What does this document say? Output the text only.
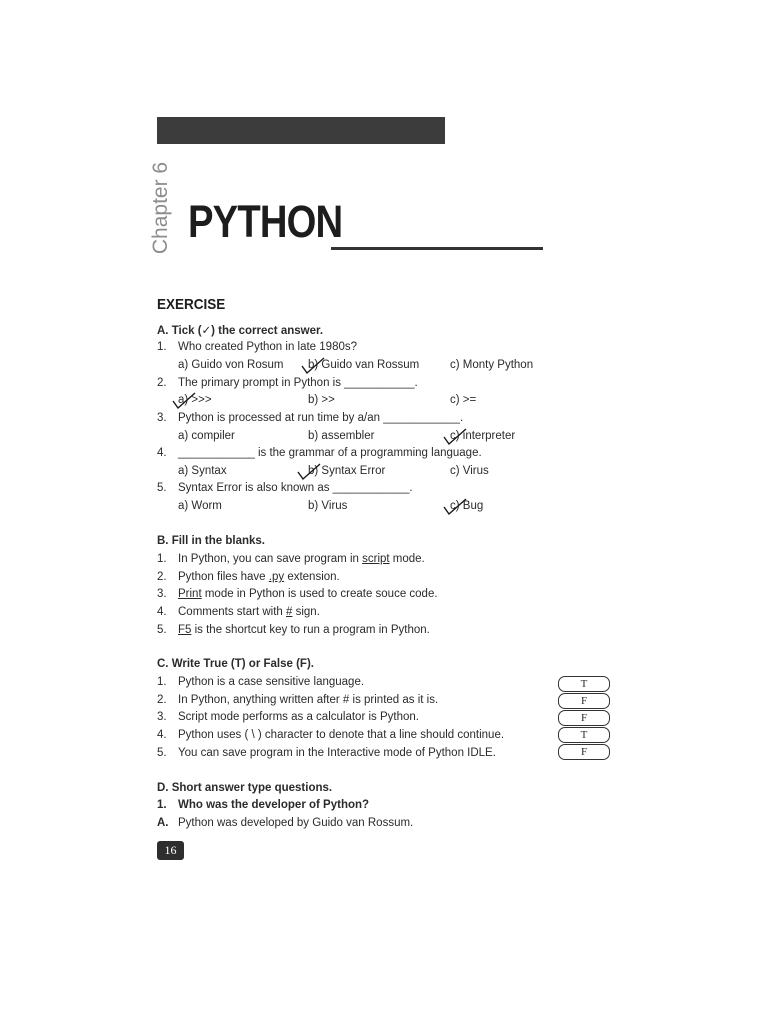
Chapter 6 PYTHON
EXERCISE
A. Tick (✓) the correct answer.
1. Who created Python in late 1980s?
a) Guido von Rosum b) Guido van Rossum	c) Monty Python
2. The primary prompt in Python is ___________.
a) >>>	b) >>	c) >=
3. Python is processed at run time by a/an ____________.
a) compiler	b) assembler	c) interpreter
4. ____________ is the grammar of a programming language.
a) Syntax	b) Syntax Error	c) Virus
5. Syntax Error is also known as ____________.
a) Worm	b) Virus	c) Bug
B. Fill in the blanks.
1. In Python, you can save program in script mode.
2. Python files have .py extension.
3. Print mode in Python is used to create souce code.
4. Comments start with # sign.
5. F5 is the shortcut key to run a program in Python.
C. Write True (T) or False (F).
1. Python is a case sensitive language.	T
2. In Python, anything written after # is printed as it is.	F
3. Script mode performs as a calculator is Python.	F
4. Python uses ( \ ) character to denote that a line should continue.	T
5. You can save program in the Interactive mode of Python IDLE.	F
D. Short answer type questions.
1. Who was the developer of Python?
A. Python was developed by Guido van Rossum.
16
